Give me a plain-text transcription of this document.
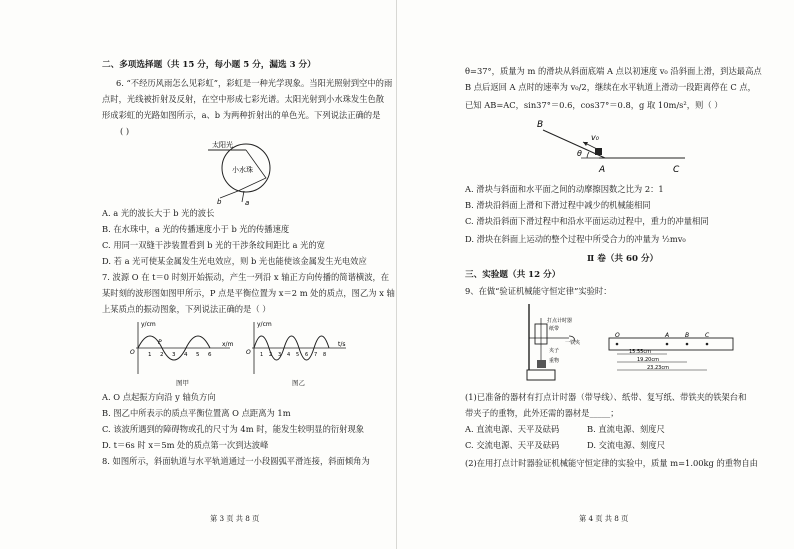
二、多项选择题（共 15 分，每小题 5 分，漏选 3 分）
6. “不经历风雨怎么见彩虹”，彩虹是一种光学现象。当阳光照射到空中的雨
点时，光线被折射及反射，在空中形成七彩光谱。太阳光射到小水珠发生色散
形成彩虹的光路如图所示，a、b 为两种折射出的单色光。下列说法正确的是
( )
太阳光
小水珠
b	a
A. a 光的波长大于 b 光的波长
B. 在水珠中，a 光的传播速度小于 b 光的传播速度
C. 用同一双缝干涉装置看到 b 光的干涉条纹间距比 a 光的宽
D. 若 a 光可使某金属发生光电效应，则 b 光也能使该金属发生光电效应
7. 波源 O 在 t＝0 时刻开始振动，产生一列沿 x 轴正方向传播的简谐横波，在
某时刻的波形图如图甲所示，P 点是平衡位置为 x＝2 m 处的质点，图乙为 x 轴
上某质点的振动图象，下列说法正确的是（ ）
y/cm
x/m
O
P
1 2 3 4 5 6
图甲
y/cm
t/s
O 1 2 3 4 5 6 7 8
图乙
A. O 点起振方向沿 y 轴负方向
B. 图乙中所表示的质点平衡位置离 O 点距离为 1m
C. 该波所遇到的障碍物或孔的尺寸为 4m 时，能发生较明显的衍射现象
D. t＝6s 时 x＝5m 处的质点第一次到达波峰
8. 如图所示，斜面轨道与水平轨道通过一小段圆弧平滑连接，斜面倾角为
第 3 页 共 8 页
θ=37°，质量为 m 的滑块从斜面底端 A 点以初速度 v₀ 沿斜面上滑，到达最高点
B 点后返回 A 点时的速率为 v₀/2，继续在水平轨道上滑动一段距离停在 C 点，
已知 AB=AC，sin37°＝0.6，cos37°＝0.8，g 取 10m/s²，则（ ）
B
A	C
θ
v₀
A. 滑块与斜面和水平面之间的动摩擦因数之比为 2：1
B. 滑块沿斜面上滑和下滑过程中减少的机械能相同
C. 滑块沿斜面下滑过程中和沿水平面运动过程中，重力的冲量相同
D. 滑块在斜面上运动的整个过程中所受合力的冲量为 ½mv₀
Ⅱ 卷（共 60 分）
三、实验题（共 12 分）
9、在做“验证机械能守恒定律”实验时：
打点计时器
纸带
夹子
重物
一铁夹
O	A	B	C
15.55cm
19.20cm
23.23cm
(1)已准备的器材有打点计时器（带导线）、纸带、复写纸、带铁夹的铁架台和
带夹子的重物，此外还需的器材是_____；
A. 直流电源、天平及砝码	B. 直流电源、刻度尺
C. 交流电源、天平及砝码	D. 交流电源、刻度尺
(2)在用打点计时器验证机械能守恒定律的实验中，质量 m=1.00kg 的重物自由
第 4 页 共 8 页
